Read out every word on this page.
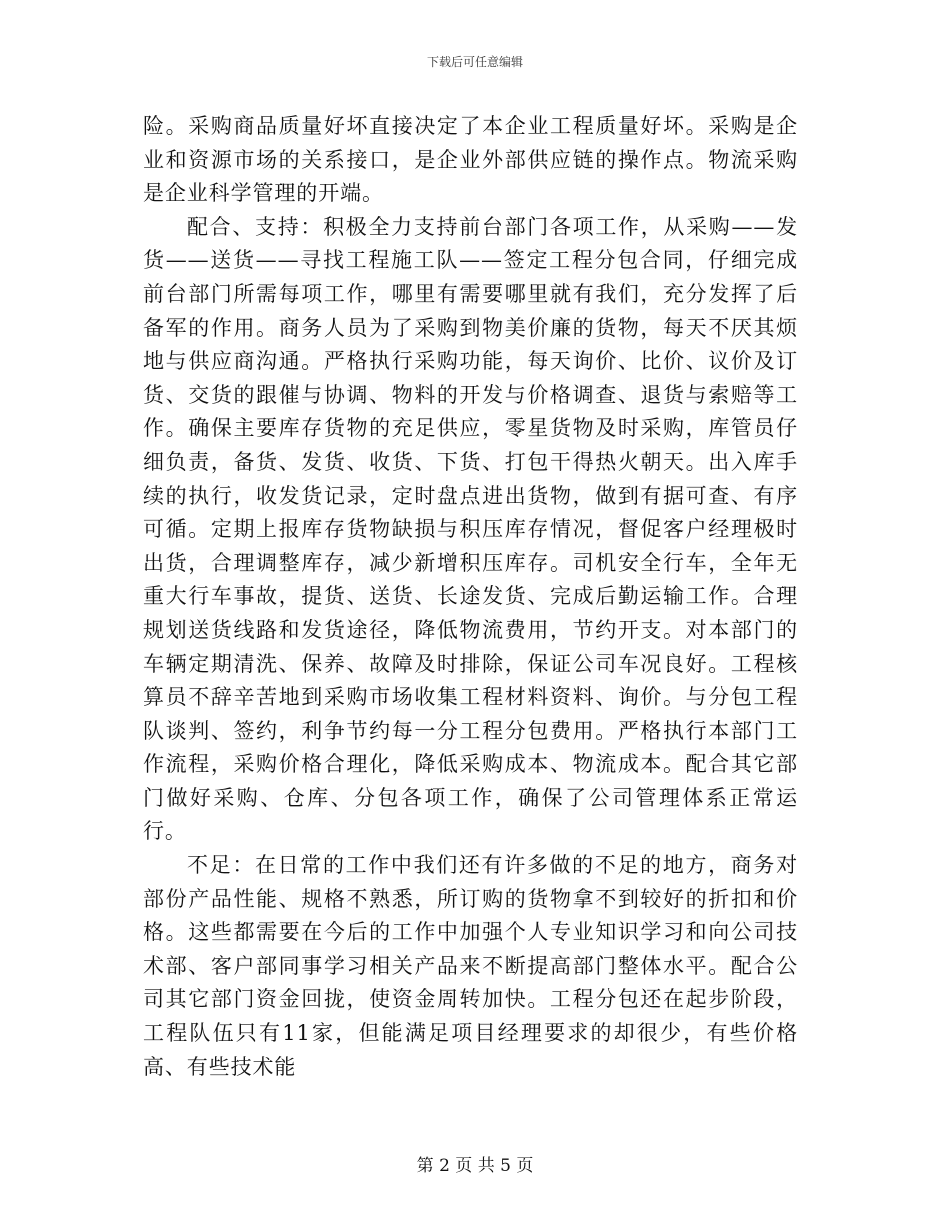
下载后可任意编辑

险。采购商品质量好坏直接决定了本企业工程质量好坏。采购是企业和资源市场的关系接口，是企业外部供应链的操作点。物流采购是企业科学管理的开端。

配合、支持：积极全力支持前台部门各项工作，从采购——发货——送货——寻找工程施工队——签定工程分包合同，仔细完成前台部门所需每项工作，哪里有需要哪里就有我们，充分发挥了后备军的作用。商务人员为了采购到物美价廉的货物，每天不厌其烦地与供应商沟通。严格执行采购功能，每天询价、比价、议价及订货、交货的跟催与协调、物料的开发与价格调查、退货与索赔等工作。确保主要库存货物的充足供应，零星货物及时采购，库管员仔细负责，备货、发货、收货、下货、打包干得热火朝天。出入库手续的执行，收发货记录，定时盘点进出货物，做到有据可查、有序可循。定期上报库存货物缺损与积压库存情况，督促客户经理极时出货，合理调整库存，减少新增积压库存。司机安全行车，全年无重大行车事故，提货、送货、长途发货、完成后勤运输工作。合理规划送货线路和发货途径，降低物流费用，节约开支。对本部门的车辆定期清洗、保养、故障及时排除，保证公司车况良好。工程核算员不辞辛苦地到采购市场收集工程材料资料、询价。与分包工程队谈判、签约，利争节约每一分工程分包费用。严格执行本部门工作流程，采购价格合理化，降低采购成本、物流成本。配合其它部门做好采购、仓库、分包各项工作，确保了公司管理体系正常运行。

不足：在日常的工作中我们还有许多做的不足的地方，商务对部份产品性能、规格不熟悉，所订购的货物拿不到较好的折扣和价格。这些都需要在今后的工作中加强个人专业知识学习和向公司技术部、客户部同事学习相关产品来不断提高部门整体水平。配合公司其它部门资金回拢，使资金周转加快。工程分包还在起步阶段，工程队伍只有11家，但能满足项目经理要求的却很少，有些价格高、有些技术能

第 2 页 共 5 页
